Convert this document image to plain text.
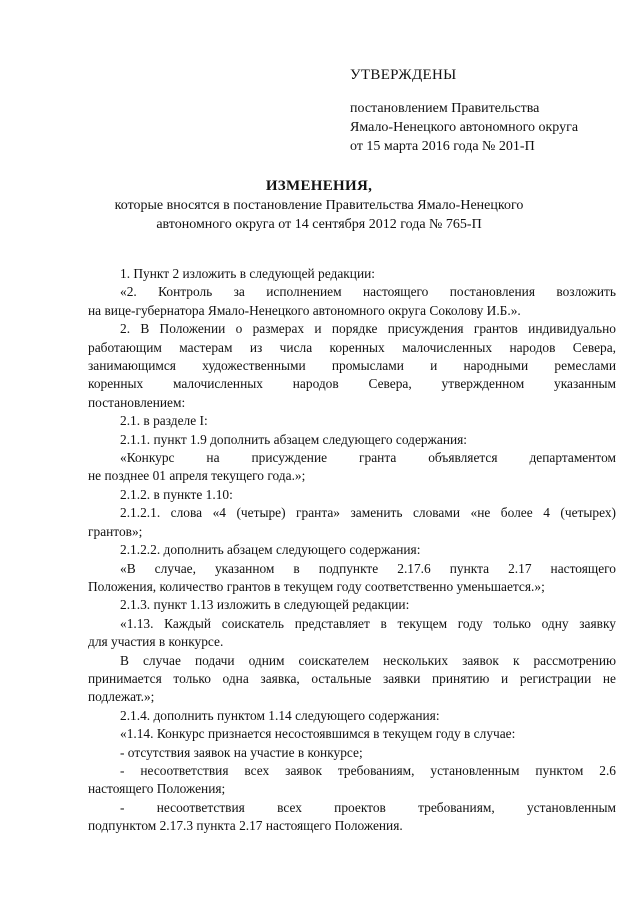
УТВЕРЖДЕНЫ
постановлением Правительства
Ямало-Ненецкого автономного округа
от 15 марта 2016 года № 201-П
ИЗМЕНЕНИЯ,
которые вносятся в постановление Правительства Ямало-Ненецкого
автономного округа от 14 сентября 2012 года № 765-П
1. Пункт 2 изложить в следующей редакции:
«2. Контроль за исполнением настоящего постановления возложить
на вице-губернатора Ямало-Ненецкого автономного округа Соколову И.Б.».
2. В Положении о размерах и порядке присуждения грантов индивидуально
работающим мастерам из числа коренных малочисленных народов Севера,
занимающимся художественными промыслами и народными ремеслами
коренных малочисленных народов Севера, утвержденном указанным
постановлением:
2.1. в разделе I:
2.1.1. пункт 1.9 дополнить абзацем следующего содержания:
«Конкурс на присуждение гранта объявляется департаментом
не позднее 01 апреля текущего года.»;
2.1.2. в пункте 1.10:
2.1.2.1. слова «4 (четыре) гранта» заменить словами «не более 4 (четырех)
грантов»;
2.1.2.2. дополнить абзацем следующего содержания:
«В случае, указанном в подпункте 2.17.6 пункта 2.17 настоящего
Положения, количество грантов в текущем году соответственно уменьшается.»;
2.1.3. пункт 1.13 изложить в следующей редакции:
«1.13. Каждый соискатель представляет в текущем году только одну заявку
для участия в конкурсе.
В случае подачи одним соискателем нескольких заявок к рассмотрению
принимается только одна заявка, остальные заявки принятию и регистрации не
подлежат.»;
2.1.4. дополнить пунктом 1.14 следующего содержания:
«1.14. Конкурс признается несостоявшимся в текущем году в случае:
- отсутствия заявок на участие в конкурсе;
- несоответствия всех заявок требованиям, установленным пунктом 2.6
настоящего Положения;
- несоответствия всех проектов требованиям, установленным
подпунктом 2.17.3 пункта 2.17 настоящего Положения.
